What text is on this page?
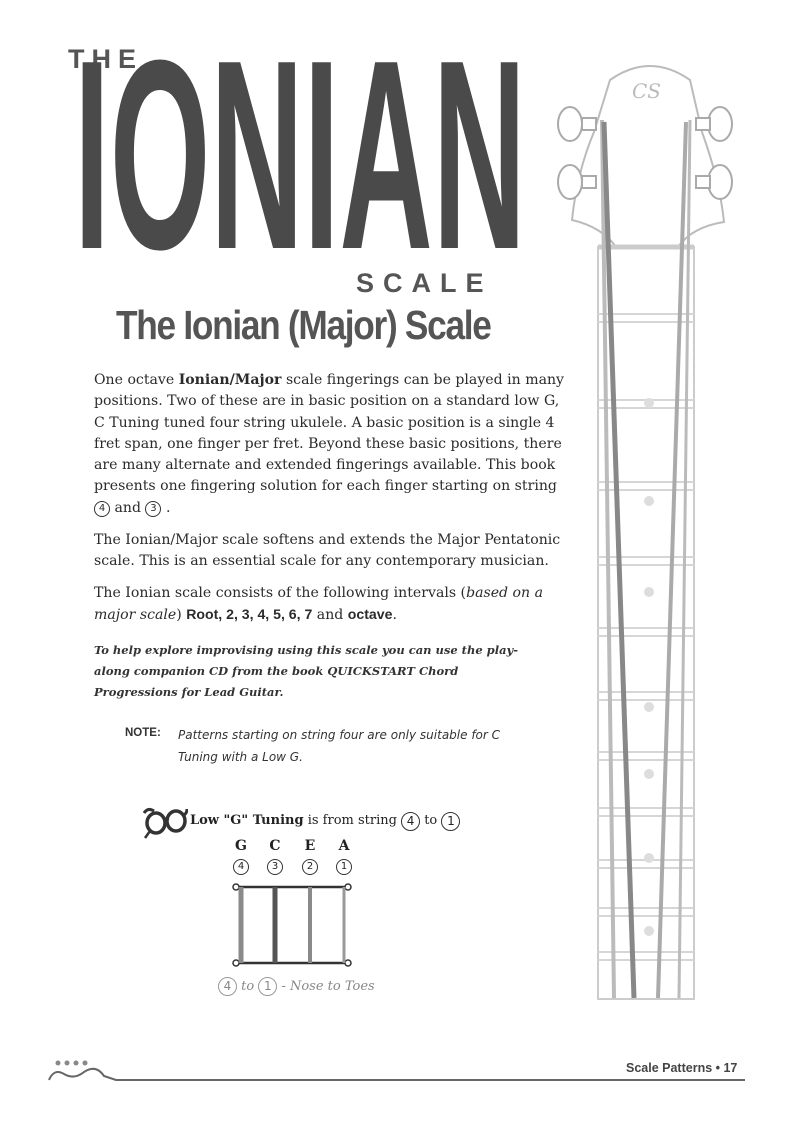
THE
IONIAN
SCALE
The Ionian (Major) Scale
One octave Ionian/Major scale fingerings can be played in many positions. Two of these are in basic position on a standard low G, C Tuning tuned four string ukulele. A basic position is a single 4 fret span, one finger per fret. Beyond these basic positions, there are many alternate and extended fingerings available. This book presents one fingering solution for each finger starting on string 4 and 3 .
The Ionian/Major scale softens and extends the Major Pentatonic scale. This is an essential scale for any contemporary musician.
The Ionian scale consists of the following intervals (based on a major scale) Root, 2, 3, 4, 5, 6, 7 and octave.
To help explore improvising using this scale you can use the play-along companion CD from the book QUICKSTART Chord Progressions for Lead Guitar.
NOTE: Patterns starting on string four are only suitable for C Tuning with a Low G.
Low "G" Tuning is from string 4 to 1
G	C	E	A
4	3	2	1
4 to 1 - Nose to Toes
CS
Scale Patterns • 17
